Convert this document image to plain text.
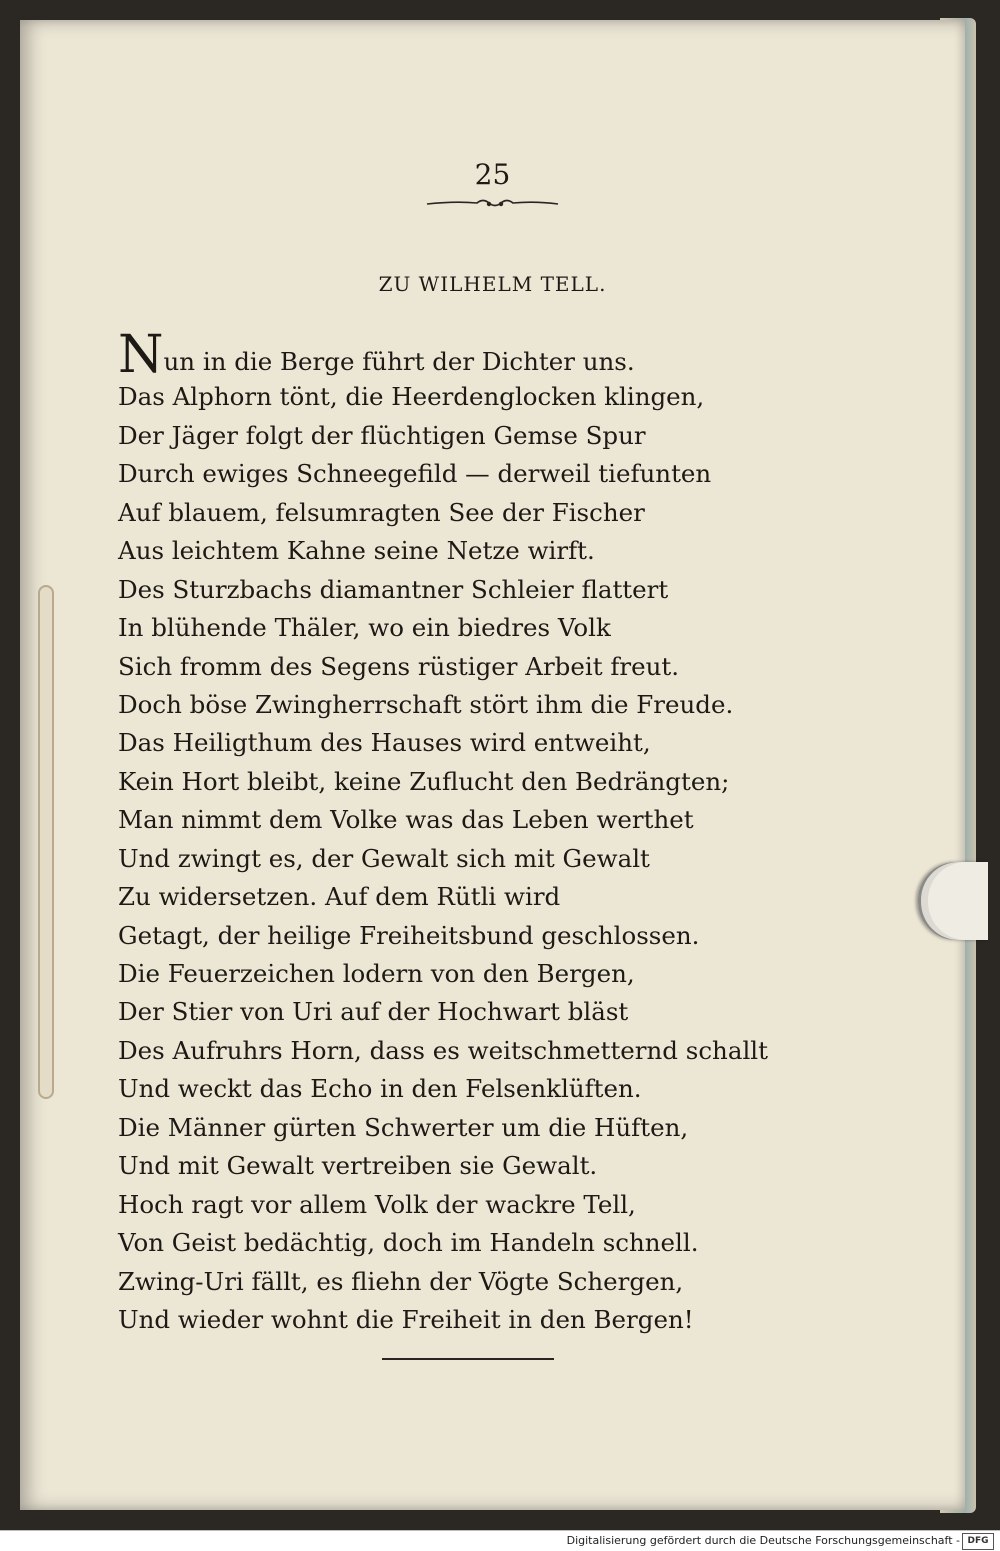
25
ZU WILHELM TELL.
Nun in die Berge führt der Dichter uns.
Das Alphorn tönt, die Heerdenglocken klingen,
Der Jäger folgt der flüchtigen Gemse Spur
Durch ewiges Schneegefild — derweil tiefunten
Auf blauem, felsumragten See der Fischer
Aus leichtem Kahne seine Netze wirft.
Des Sturzbachs diamantner Schleier flattert
In blühende Thäler, wo ein biedres Volk
Sich fromm des Segens rüstiger Arbeit freut.
Doch böse Zwingherrschaft stört ihm die Freude.
Das Heiligthum des Hauses wird entweiht,
Kein Hort bleibt, keine Zuflucht den Bedrängten;
Man nimmt dem Volke was das Leben werthet
Und zwingt es, der Gewalt sich mit Gewalt
Zu widersetzen. Auf dem Rütli wird
Getagt, der heilige Freiheitsbund geschlossen.
Die Feuerzeichen lodern von den Bergen,
Der Stier von Uri auf der Hochwart bläst
Des Aufruhrs Horn, dass es weitschmetternd schallt
Und weckt das Echo in den Felsenklüften.
Die Männer gürten Schwerter um die Hüften,
Und mit Gewalt vertreiben sie Gewalt.
Hoch ragt vor allem Volk der wackre Tell,
Von Geist bedächtig, doch im Handeln schnell.
Zwing-Uri fällt, es fliehn der Vögte Schergen,
Und wieder wohnt die Freiheit in den Bergen!
Digitalisierung gefördert durch die Deutsche Forschungsgemeinschaft - DFG
